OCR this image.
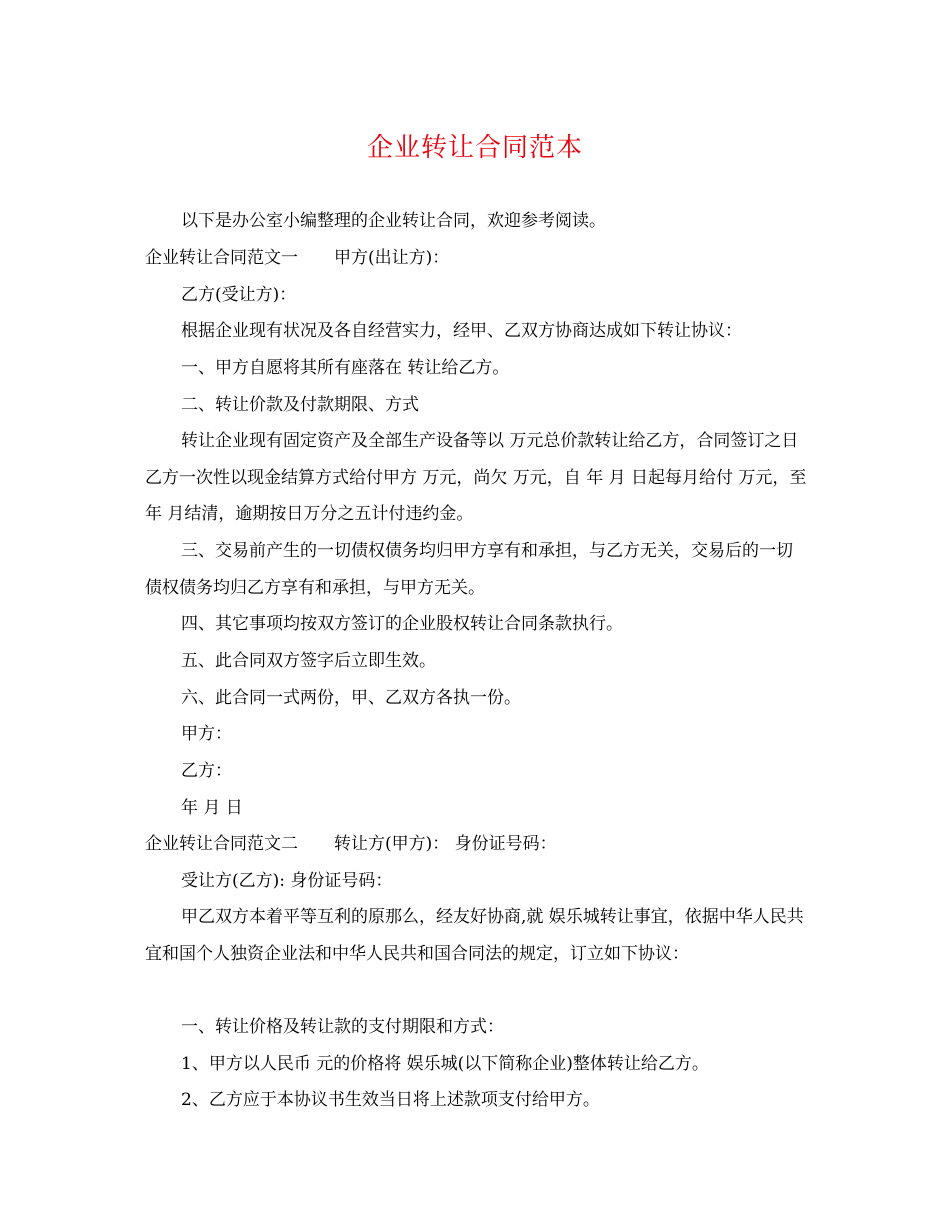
企业转让合同范本
以下是办公室小编整理的企业转让合同，欢迎参考阅读。
企业转让合同范文一 甲方(出让方)：
乙方(受让方)：
根据企业现有状况及各自经营实力，经甲、乙双方协商达成如下转让协议：
一、甲方自愿将其所有座落在 转让给乙方。
二、转让价款及付款期限、方式
转让企业现有固定资产及全部生产设备等以 万元总价款转让给乙方，合同签订之日乙方一次性以现金结算方式给付甲方 万元，尚欠 万元，自 年 月 日起每月给付 万元，至 年 月结清，逾期按日万分之五计付违约金。
三、交易前产生的一切债权债务均归甲方享有和承担，与乙方无关，交易后的一切债权债务均归乙方享有和承担，与甲方无关。
四、其它事项均按双方签订的企业股权转让合同条款执行。
五、此合同双方签字后立即生效。
六、此合同一式两份，甲、乙双方各执一份。
甲方：
乙方：
年 月 日
企业转让合同范文二 转让方(甲方)： 身份证号码：
受让方(乙方): 身份证号码：
甲乙双方本着平等互利的原那么，经友好协商,就 娱乐城转让事宜，依据中华人民共宜和国个人独资企业法和中华人民共和国合同法的规定，订立如下协议：
一、转让价格及转让款的支付期限和方式：
1、甲方以人民币 元的价格将 娱乐城(以下简称企业)整体转让给乙方。
2、乙方应于本协议书生效当日将上述款项支付给甲方。
